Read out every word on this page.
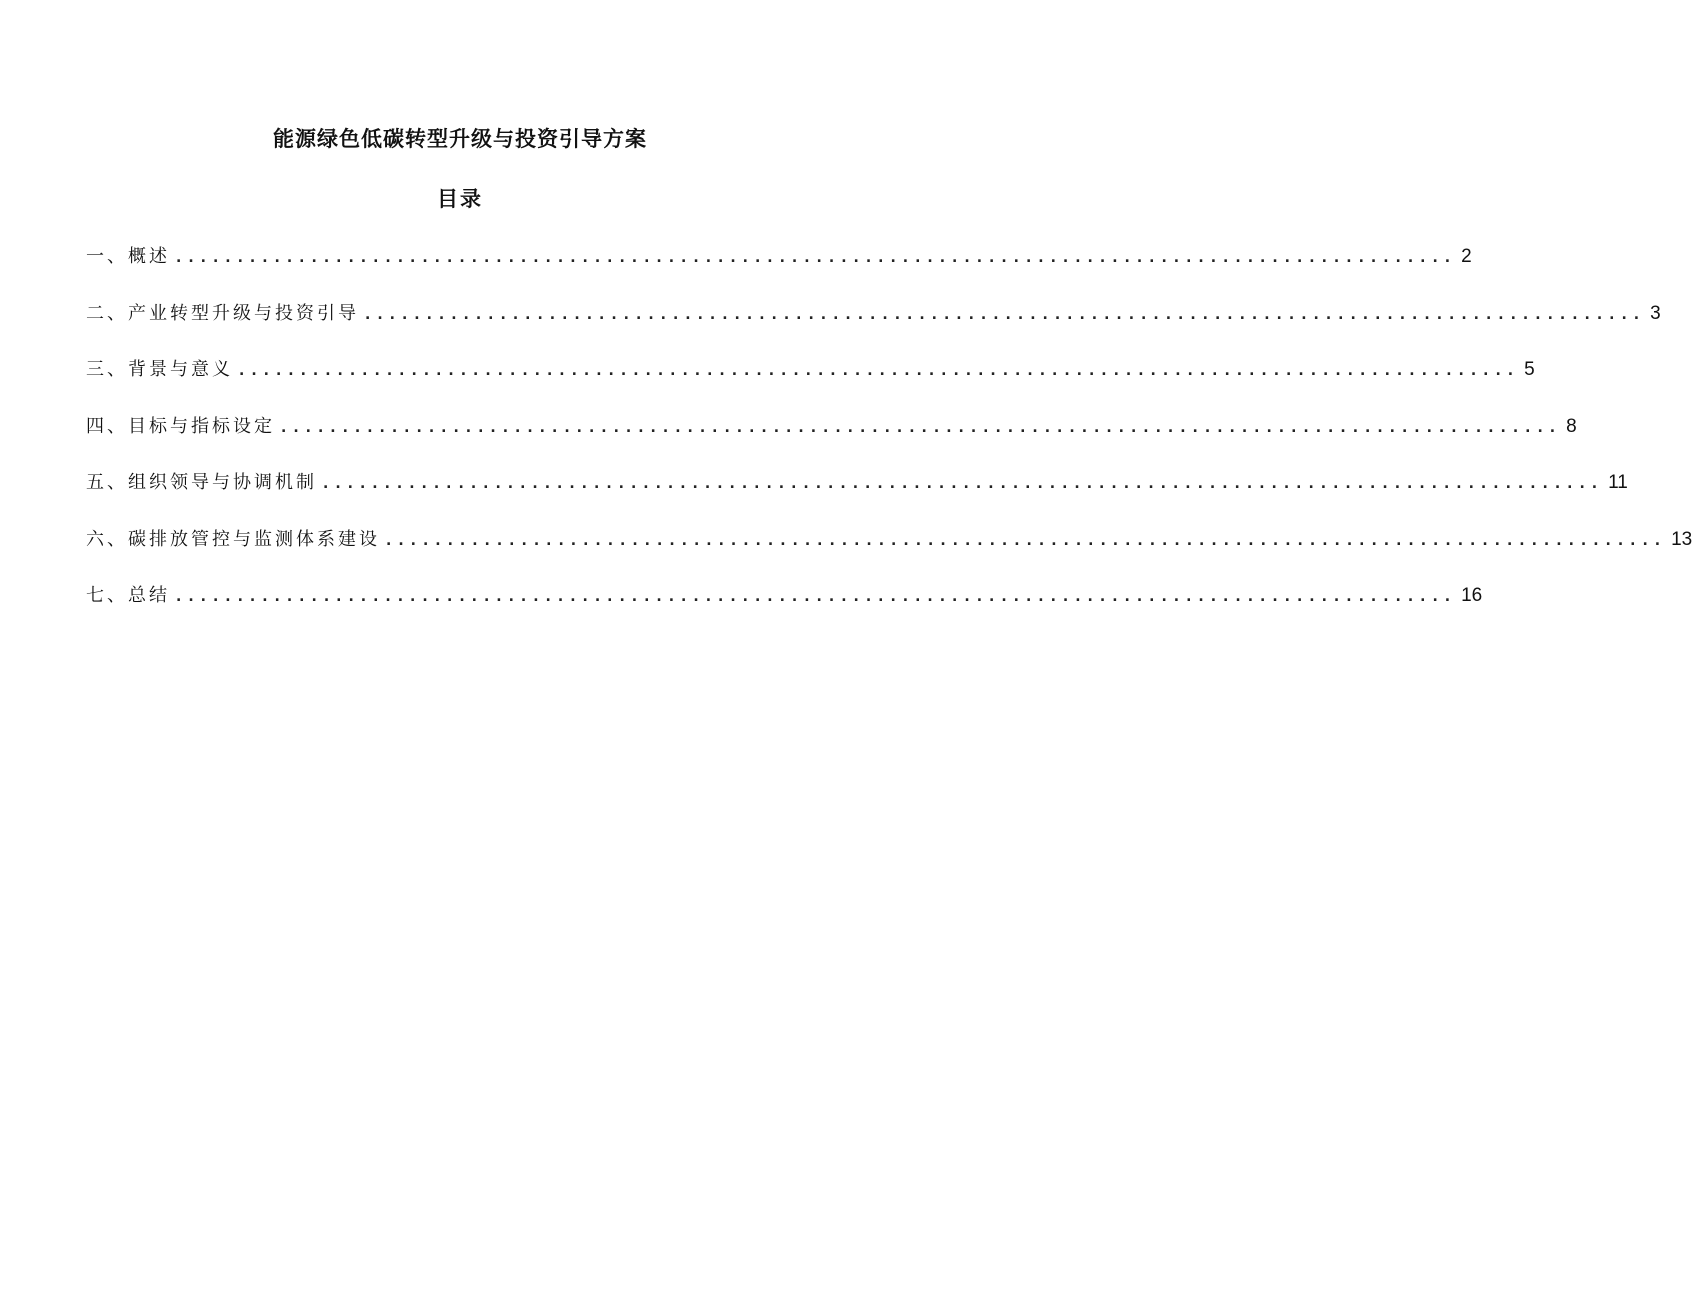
能源绿色低碳转型升级与投资引导方案
目录
一、概述 ........................................................................................................ 2
二、产业转型升级与投资引导 ........................................................................................................ 3
三、背景与意义 ........................................................................................................ 5
四、目标与指标设定 ........................................................................................................ 8
五、组织领导与协调机制 ........................................................................................................ 11
六、碳排放管控与监测体系建设 ........................................................................................................ 13
七、总结 ........................................................................................................ 16
